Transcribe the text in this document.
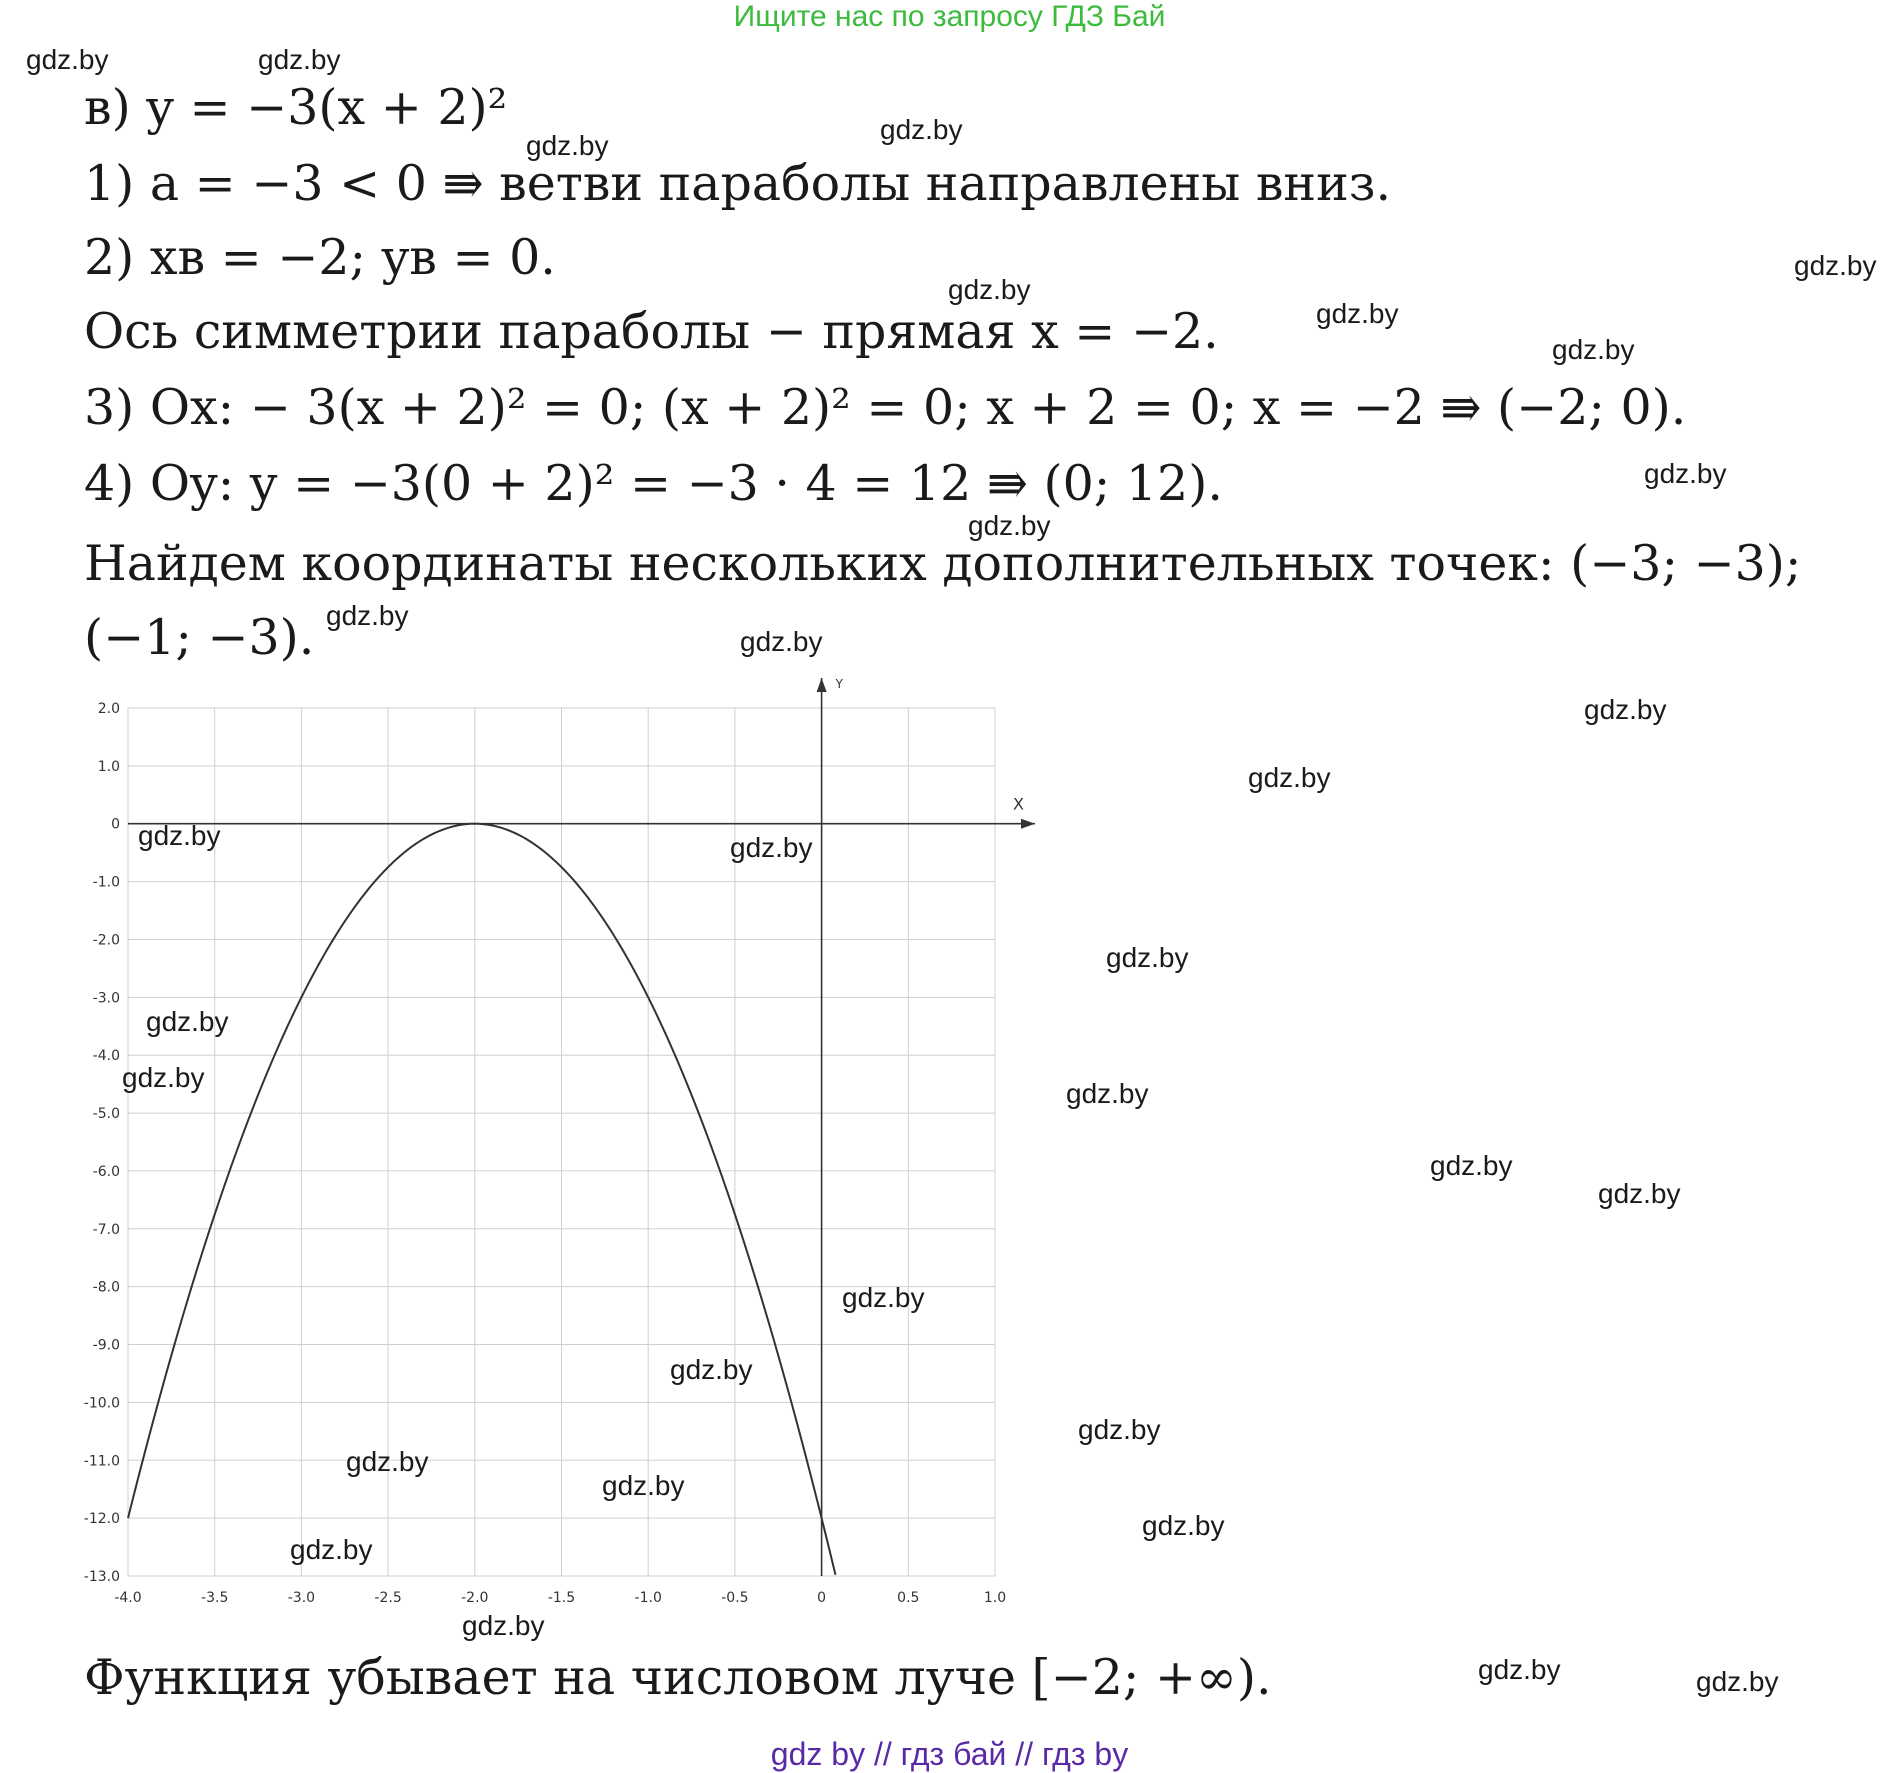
Ищите нас по запросу ГДЗ Бай
в) y = −3(x + 2)²
1) a = −3 < 0 ⇛ ветви параболы направлены вниз.
2) xв = −2; yв = 0.
Ось симметрии параболы − прямая x = −2.
3) Ox: − 3(x + 2)² = 0; (x + 2)² = 0; x + 2 = 0; x = −2 ⇛ (−2; 0).
4) Oy: y = −3(0 + 2)² = −3 · 4 = 12 ⇛ (0; 12).
Найдем координаты нескольких дополнительных точек: (−3; −3);
(−1; −3).
X
Y
-4.0	-3.5	-3.0	-2.5	-2.0	-1.5	-1.0	-0.5	0	0.5	1.0
2.0
1.0
0
-1.0
-2.0
-3.0
-4.0
-5.0
-6.0
-7.0
-8.0
-9.0
-10.0
-11.0
-12.0
-13.0
Функция убывает на числовом луче [−2; +∞).
gdz.by	gdz.by
gdz.by
gdz.by
gdz.by
gdz.by
gdz.by
gdz.by
gdz.by
gdz.by
gdz.by
gdz.by
gdz.by
gdz.by
gdz.by	gdz.by
gdz.by
gdz.by
gdz.by
gdz.by
gdz.by
gdz.by
gdz.by
gdz.by
gdz.by
gdz.by
gdz.by
gdz.by
gdz.by
gdz.by
gdz.by	gdz.by
gdz by // гдз бай // гдз by
